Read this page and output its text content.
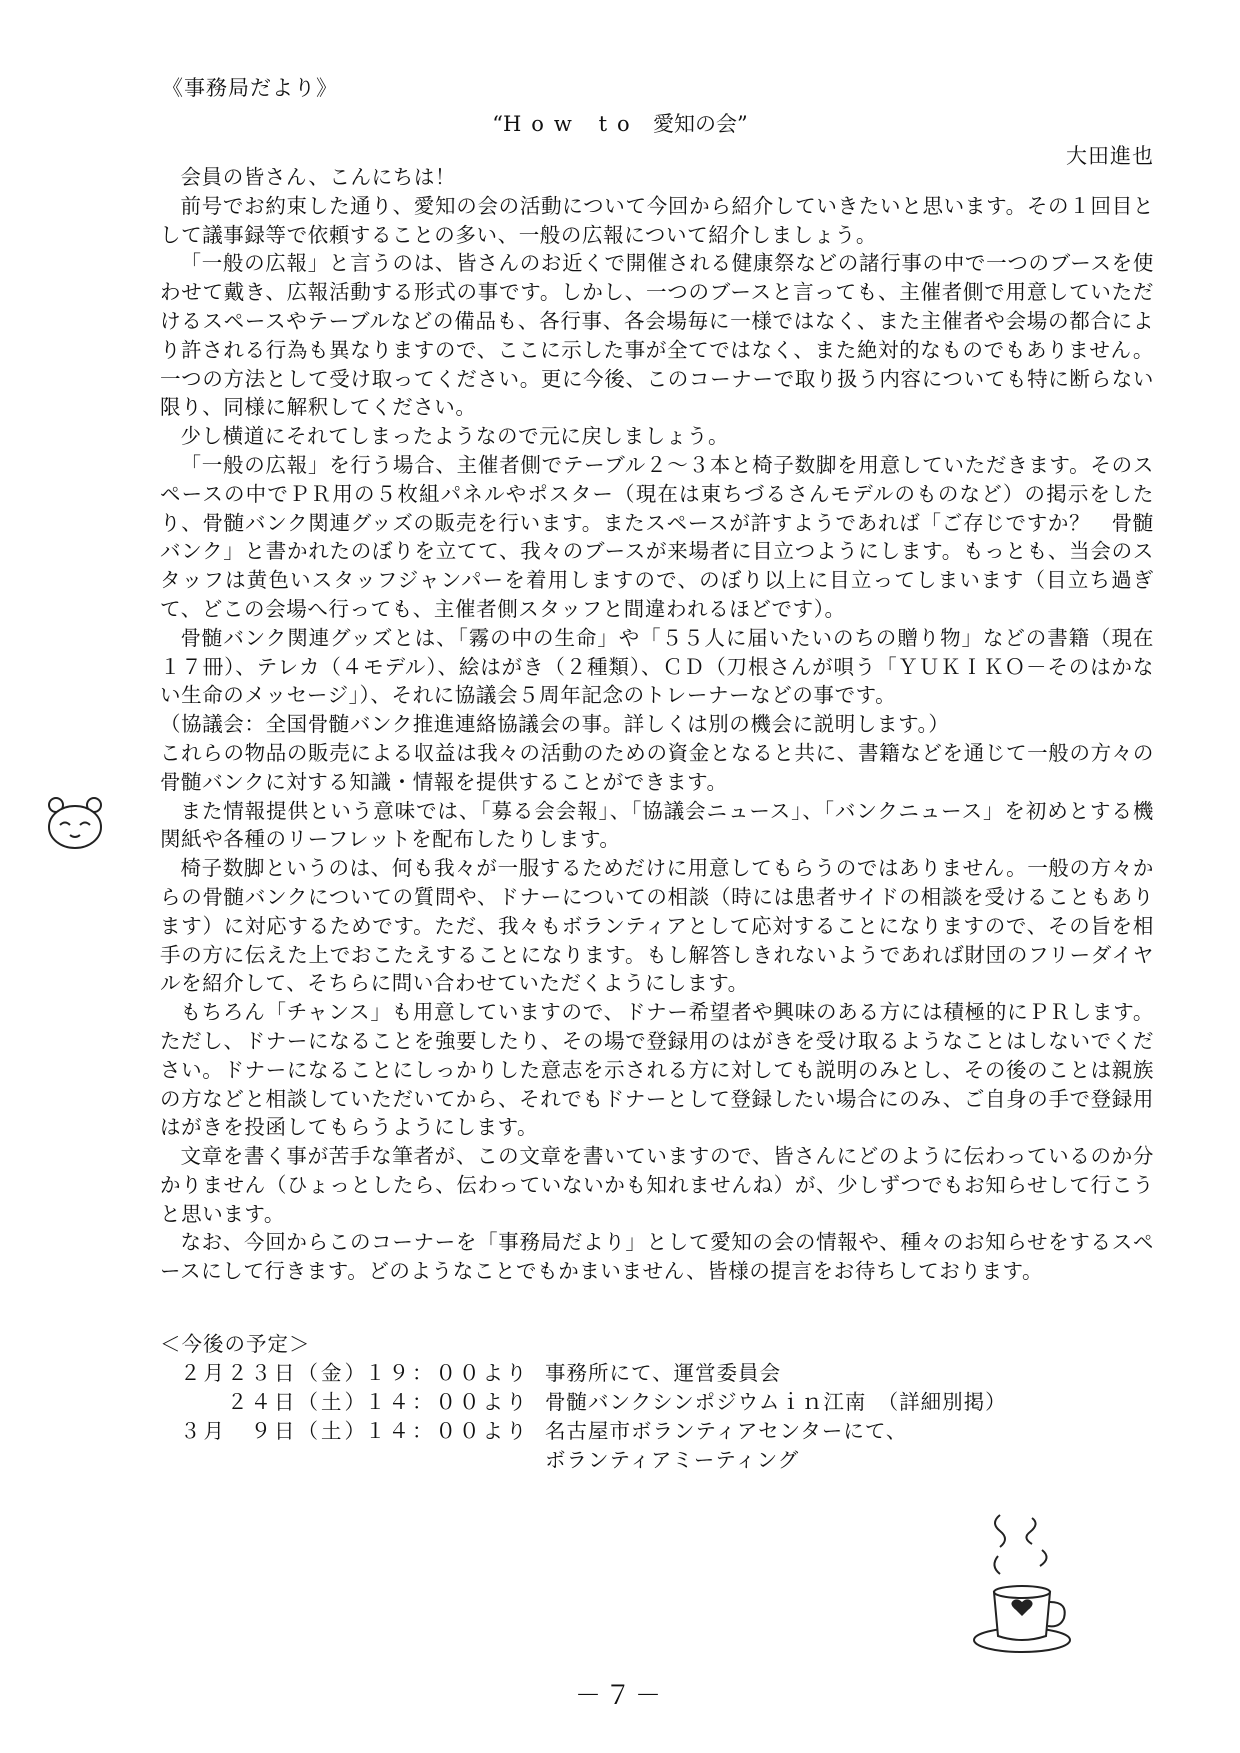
《事務局だより》
“How to 愛知の会”
大田進也

会員の皆さん、こんにちは！

前号でお約束した通り、愛知の会の活動について今回から紹介していきたいと思います。その１回目として議事録等で依頼することの多い、一般の広報について紹介しましょう。

「一般の広報」と言うのは、皆さんのお近くで開催される健康祭などの諸行事の中で一つのブースを使わせて戴き、広報活動する形式の事です。しかし、一つのブースと言っても、主催者側で用意していただけるスペースやテーブルなどの備品も、各行事、各会場毎に一様ではなく、また主催者や会場の都合により許される行為も異なりますので、ここに示した事が全てではなく、また絶対的なものでもありません。一つの方法として受け取ってください。更に今後、このコーナーで取り扱う内容についても特に断らない限り、同様に解釈してください。

少し横道にそれてしまったようなので元に戻しましょう。

「一般の広報」を行う場合、主催者側でテーブル２～３本と椅子数脚を用意していただきます。そのスペースの中でＰＲ用の５枚組パネルやポスター（現在は東ちづるさんモデルのものなど）の掲示をしたり、骨髄バンク関連グッズの販売を行います。またスペースが許すようであれば「ご存じですか？　骨髄バンク」と書かれたのぼりを立てて、我々のブースが来場者に目立つようにします。もっとも、当会のスタッフは黄色いスタッフジャンパーを着用しますので、のぼり以上に目立ってしまいます（目立ち過ぎて、どこの会場へ行っても、主催者側スタッフと間違われるほどです）。

骨髄バンク関連グッズとは、「霧の中の生命」や「５５人に届いたいのちの贈り物」などの書籍（現在１７冊）、テレカ（４モデル）、絵はがき（２種類）、ＣＤ（刀根さんが唄う「ＹＵＫＩＫＯ－そのはかない生命のメッセージ」）、それに協議会５周年記念のトレーナーなどの事です。

（協議会：全国骨髄バンク推進連絡協議会の事。詳しくは別の機会に説明します。）

これらの物品の販売による収益は我々の活動のための資金となると共に、書籍などを通じて一般の方々の骨髄バンクに対する知識・情報を提供することができます。

また情報提供という意味では、「募る会会報」、「協議会ニュース」、「バンクニュース」を初めとする機関紙や各種のリーフレットを配布したりします。

椅子数脚というのは、何も我々が一服するためだけに用意してもらうのではありません。一般の方々からの骨髄バンクについての質問や、ドナーについての相談（時には患者サイドの相談を受けることもあります）に対応するためです。ただ、我々もボランティアとして応対することになりますので、その旨を相手の方に伝えた上でおこたえすることになります。もし解答しきれないようであれば財団のフリーダイヤルを紹介して、そちらに問い合わせていただくようにします。

もちろん「チャンス」も用意していますので、ドナー希望者や興味のある方には積極的にＰＲします。ただし、ドナーになることを強要したり、その場で登録用のはがきを受け取るようなことはしないでください。ドナーになることにしっかりした意志を示される方に対しても説明のみとし、その後のことは親族の方などと相談していただいてから、それでもドナーとして登録したい場合にのみ、ご自身の手で登録用はがきを投函してもらうようにします。

文章を書く事が苦手な筆者が、この文章を書いていますので、皆さんにどのように伝わっているのか分かりません（ひょっとしたら、伝わっていないかも知れませんね）が、少しずつでもお知らせして行こうと思います。

なお、今回からこのコーナーを「事務局だより」として愛知の会の情報や、種々のお知らせをするスペースにして行きます。どのようなことでもかまいません、皆様の提言をお待ちしております。

＜今後の予定＞
２月２３日（金）
１９：００より 事務所にて、運営委員会
　　２４日（土）
１４：００より 骨髄バンクシンポジウムｉｎ江南　（詳細別掲）
３月　９日（土）
１４：００より 名古屋市ボランティアセンターにて、
ボランティアミーティング
－７－
